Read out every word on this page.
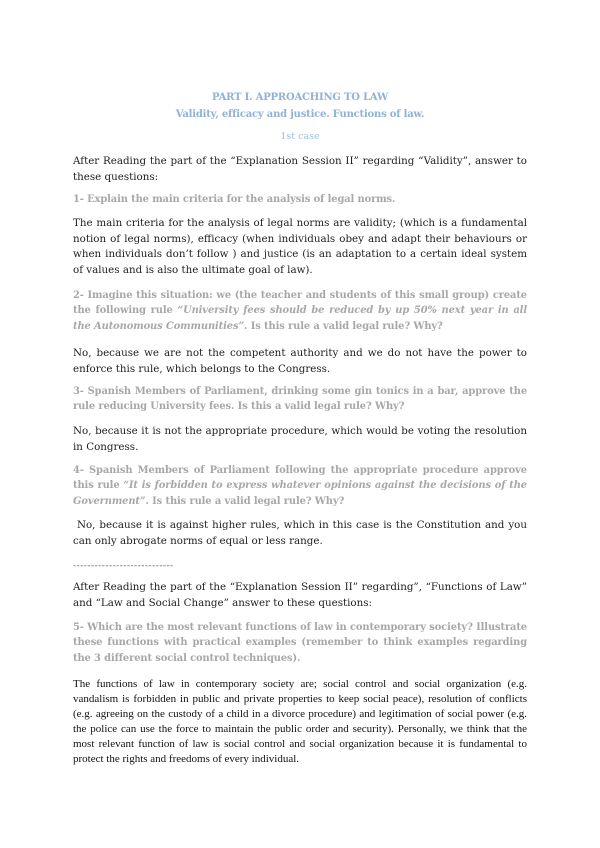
PART I. APPROACHING TO LAW
Validity, efficacy and justice. Functions of law.
1st case

After Reading the part of the “Explanation Session II” regarding “Validity”, answer to these questions:

1- Explain the main criteria for the analysis of legal norms.

The main criteria for the analysis of legal norms are validity; (which is a fundamental notion of legal norms), efficacy (when individuals obey and adapt their behaviours or when individuals don’t follow ) and justice (is an adaptation to a certain ideal system of values and is also the ultimate goal of law).

2- Imagine this situation: we (the teacher and students of this small group) create the following rule “University fees should be reduced by up 50% next year in all the Autonomous Communities”. Is this rule a valid legal rule? Why?

No, because we are not the competent authority and we do not have the power to enforce this rule, which belongs to the Congress.

3- Spanish Members of Parliament, drinking some gin tonics in a bar, approve the rule reducing University fees. Is this a valid legal rule? Why?

No, because it is not the appropriate procedure, which would be voting the resolution in Congress.

4- Spanish Members of Parliament following the appropriate procedure approve this rule “It is forbidden to express whatever opinions against the decisions of the Government”. Is this rule a valid legal rule? Why?

No, because it is against higher rules, which in this case is the Constitution and you can only abrogate norms of equal or less range.

----------------------------

After Reading the part of the “Explanation Session II” regarding”, “Functions of Law” and “Law and Social Change” answer to these questions:

5- Which are the most relevant functions of law in contemporary society? Illustrate these functions with practical examples (remember to think examples regarding the 3 different social control techniques).

The functions of law in contemporary society are; social control and social organization (e.g. vandalism is forbidden in public and private properties to keep social peace), resolution of conflicts (e.g. agreeing on the custody of a child in a divorce procedure) and legitimation of social power (e.g. the police can use the force to maintain the public order and security). Personally, we think that the most relevant function of law is social control and social organization because it is fundamental to protect the rights and freedoms of every individual.
